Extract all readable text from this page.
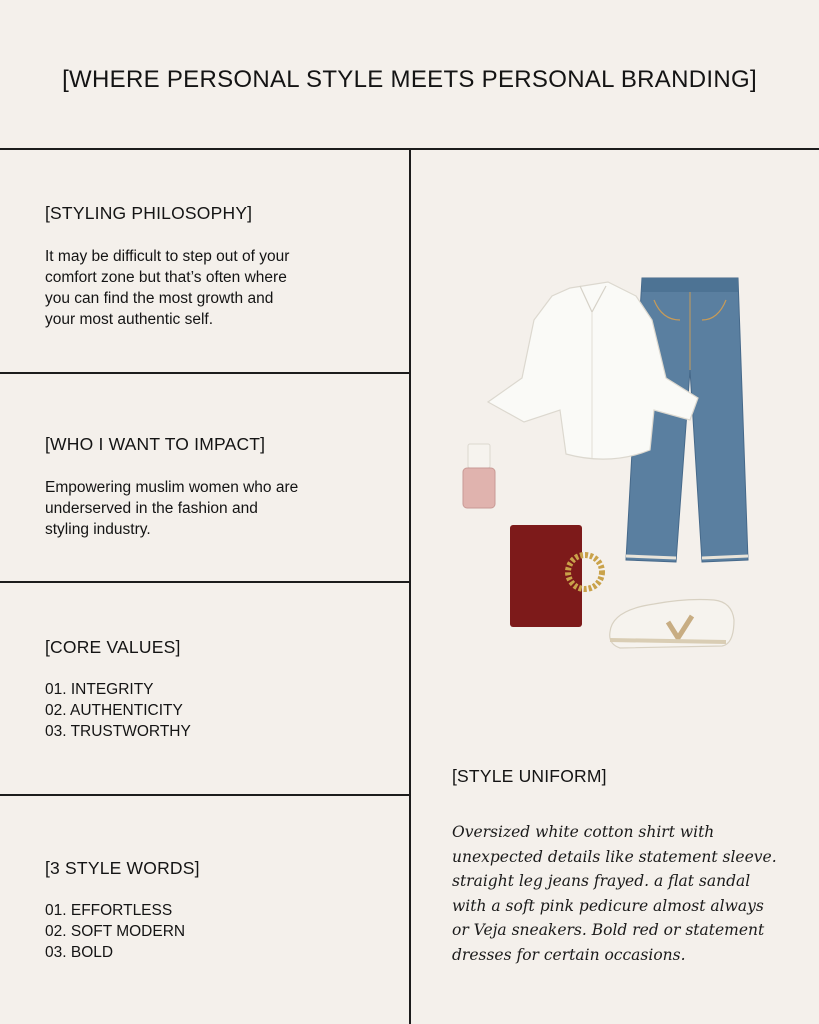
[WHERE PERSONAL STYLE MEETS PERSONAL BRANDING]
[STYLING PHILOSOPHY]
It may be difficult to step out of your
comfort zone but that’s often where
you can find the most growth and
your most authentic self.
[WHO I WANT TO IMPACT]
Empowering muslim women who are
underserved in the fashion and
styling industry.
[CORE VALUES]
01. INTEGRITY
02. AUTHENTICITY
03. TRUSTWORTHY
[3 STYLE WORDS]
01. EFFORTLESS
02. SOFT MODERN
03. BOLD
[STYLE UNIFORM]
Oversized white cotton shirt with
unexpected details like statement sleeve.
straight leg jeans frayed. a flat sandal
with a soft pink pedicure almost always
or Veja sneakers. Bold red or statement
dresses for certain occasions.
